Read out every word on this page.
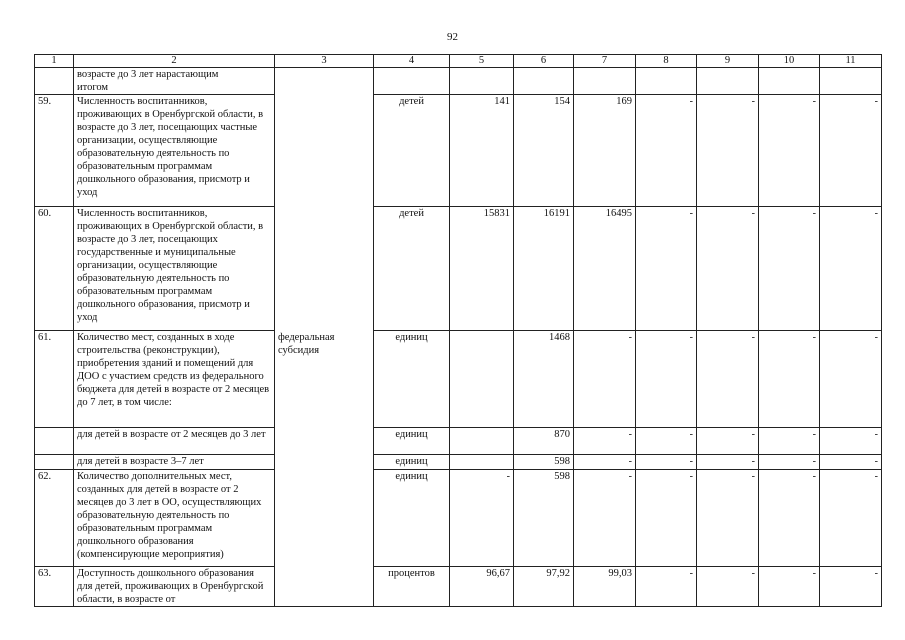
92
1	2	3	4	5	6	7	8	9	10	11
	возрасте до 3 лет нарастающим итогом									
59.	Численность воспитанников, проживающих в Оренбургской области, в возрасте до 3 лет, посещающих частные организации, осуществляющие образовательную деятельность по образовательным программам дошкольного образования, присмотр и уход		детей	141	154	169	-	-	-	-
60.	Численность воспитанников, проживающих в Оренбургской области, в возрасте до 3 лет, посещающих государственные и муниципальные организации, осуществляющие образовательную деятельность по образовательным программам дошкольного образования, присмотр и уход		детей	15831	16191	16495	-	-	-	-
61.	Количество мест, созданных в ходе строительства (реконструкции), приобретения зданий и помещений для ДОО с участием средств из федерального бюджета для детей в возрасте от 2 месяцев до 7 лет, в том числе:	федеральная субсидия	единиц		1468	-	-	-	-	-
	для детей в возрасте от 2 месяцев до 3 лет		единиц		870	-	-	-	-	-
	для детей в возрасте 3–7 лет		единиц		598	-	-	-	-	-
62.	Количество дополнительных мест, созданных для детей в возрасте от 2 месяцев до 3 лет в ОО, осуществляющих образовательную деятельность по образовательным программам дошкольного образования (компенсирующие мероприятия)		единиц	-	598	-	-	-	-	-
63.	Доступность дошкольного образования для детей, проживающих в Оренбургской области, в возрасте от		процентов	96,67	97,92	99,03	-	-	-	-
